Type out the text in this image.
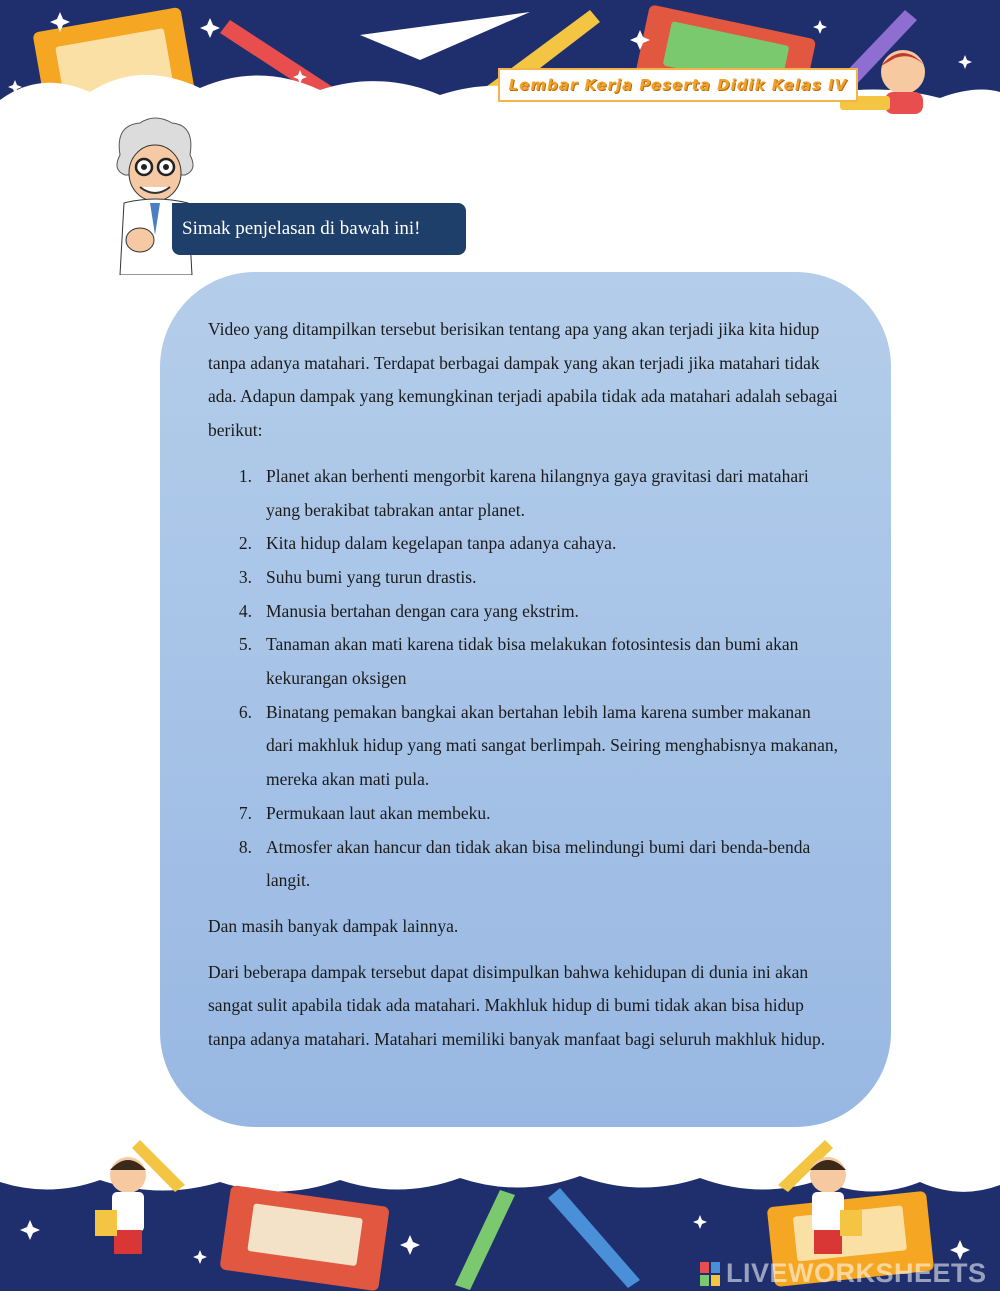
Lembar Kerja Peserta Didik Kelas IV
Simak penjelasan di bawah ini!

Video yang ditampilkan tersebut berisikan tentang apa yang akan terjadi jika kita hidup tanpa adanya matahari. Terdapat berbagai dampak yang akan terjadi jika matahari tidak ada. Adapun dampak yang kemungkinan terjadi apabila tidak ada matahari adalah sebagai berikut:

1. Planet akan berhenti mengorbit karena hilangnya gaya gravitasi dari matahari yang berakibat tabrakan antar planet.
2. Kita hidup dalam kegelapan tanpa adanya cahaya.
3. Suhu bumi yang turun drastis.
4. Manusia bertahan dengan cara yang ekstrim.
5. Tanaman akan mati karena tidak bisa melakukan fotosintesis dan bumi akan kekurangan oksigen
6. Binatang pemakan bangkai akan bertahan lebih lama karena sumber makanan dari makhluk hidup yang mati sangat berlimpah. Seiring menghabisnya makanan, mereka akan mati pula.
7. Permukaan laut akan membeku.
8. Atmosfer akan hancur dan tidak akan bisa melindungi bumi dari benda-benda langit.

Dan masih banyak dampak lainnya.

Dari beberapa dampak tersebut dapat disimpulkan bahwa kehidupan di dunia ini akan sangat sulit apabila tidak ada matahari. Makhluk hidup di bumi tidak akan bisa hidup tanpa adanya matahari. Matahari memiliki banyak manfaat bagi seluruh makhluk hidup.

LIVEWORKSHEETS
